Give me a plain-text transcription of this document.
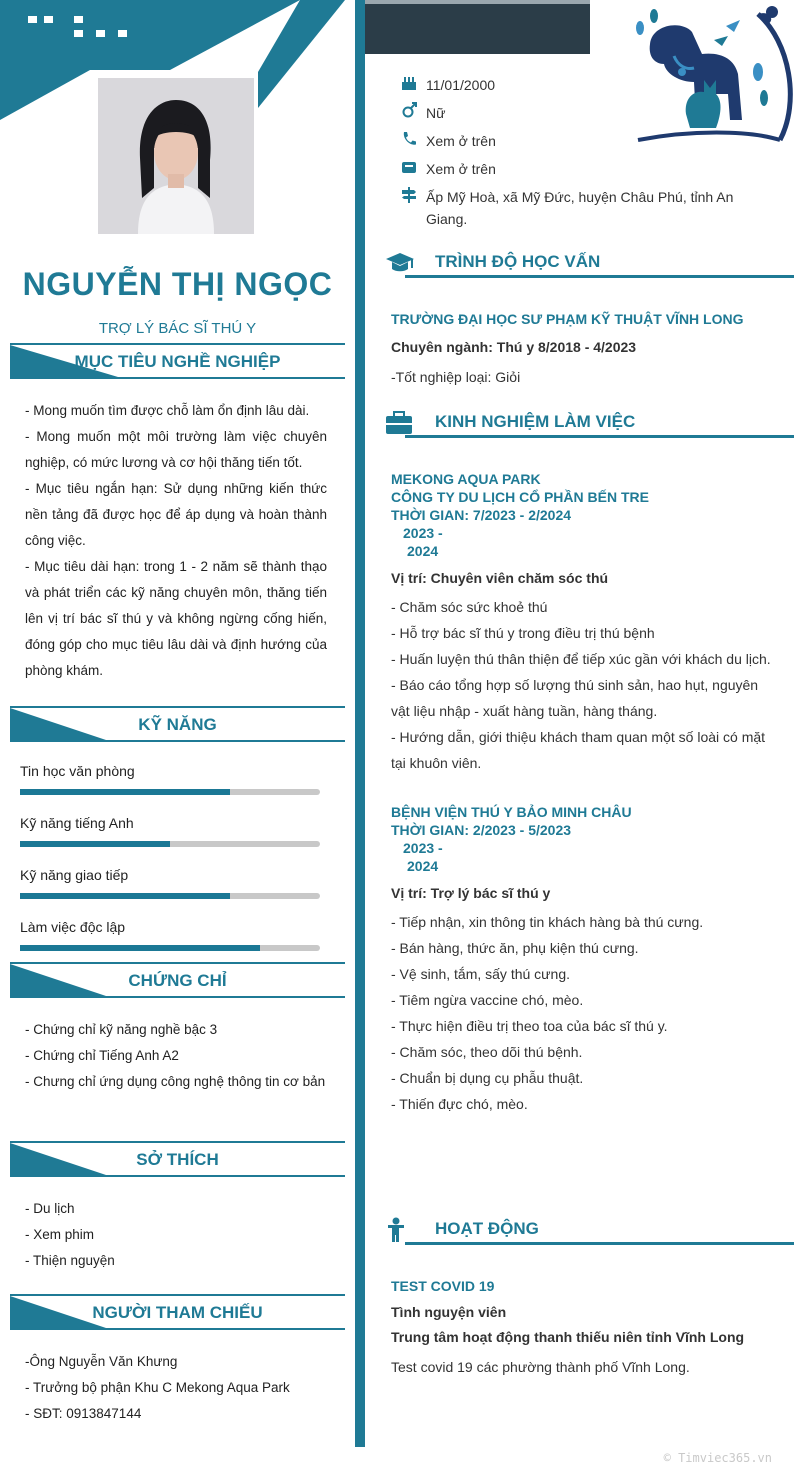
NGUYỄN THỊ NGỌC
TRỢ LÝ BÁC SĨ THÚ Y
MỤC TIÊU NGHỀ NGHIỆP

- Mong muốn tìm được chỗ làm ổn định lâu dài.

- Mong muốn một môi trường làm việc chuyên nghiệp, có mức lương và cơ hội thăng tiến tốt.

- Mục tiêu ngắn hạn: Sử dụng những kiến thức nền tảng đã được học để áp dụng và hoàn thành công việc.

- Mục tiêu dài hạn: trong 1 - 2 năm sẽ thành thạo và phát triển các kỹ năng chuyên môn, thăng tiến lên vị trí bác sĩ thú y và không ngừng cống hiến, đóng góp cho mục tiêu lâu dài và định hướng của phòng khám.

KỸ NĂNG
Tin học văn phòng
Kỹ năng tiếng Anh
Kỹ năng giao tiếp
Làm việc độc lập
CHỨNG CHỈ

- Chứng chỉ kỹ năng nghề bậc 3

- Chứng chỉ Tiếng Anh A2

- Chưng chỉ ứng dụng công nghệ thông tin cơ bản

SỞ THÍCH

- Du lịch

- Xem phim

- Thiện nguyện

NGƯỜI THAM CHIẾU

-Ông Nguyễn Văn Khưng

- Trưởng bộ phận Khu C Mekong Aqua Park

- SĐT: 0913847144

11/01/2000
Nữ
Xem ở trên
Xem ở trên
Ấp Mỹ Hoà, xã Mỹ Đức, huyện Châu Phú, tỉnh An
Giang.
TRÌNH ĐỘ HỌC VẤN
TRƯỜNG ĐẠI HỌC SƯ PHẠM KỸ THUẬT VĨNH LONG
Chuyên ngành: Thú y 8/2018 - 4/2023
-Tốt nghiệp loại: Giỏi
KINH NGHIỆM LÀM VIỆC
MEKONG AQUA PARK
CÔNG TY DU LỊCH CỔ PHẦN BẾN TRE
THỜI GIAN: 7/2023 - 2/2024
2023 -
2024
Vị trí: Chuyên viên chăm sóc thú

- Chăm sóc sức khoẻ thú

- Hỗ trợ bác sĩ thú y trong điều trị thú bệnh

- Huấn luyện thú thân thiện để tiếp xúc gần với khách du lịch.

- Báo cáo tổng hợp số lượng thú sinh sản, hao hụt, nguyên vật liệu nhập - xuất hàng tuần, hàng tháng.

- Hướng dẫn, giới thiệu khách tham quan một số loài có mặt tại khuôn viên.

BỆNH VIỆN THÚ Y BẢO MINH CHÂU
THỜI GIAN: 2/2023 - 5/2023
2023 -
2024
Vị trí: Trợ lý bác sĩ thú y

- Tiếp nhận, xin thông tin khách hàng bà thú cưng.

- Bán hàng, thức ăn, phụ kiện thú cưng.

- Vệ sinh, tắm, sấy thú cưng.

- Tiêm ngừa vaccine chó, mèo.

- Thực hiện điều trị theo toa của bác sĩ thú y.

- Chăm sóc, theo dõi thú bệnh.

- Chuẩn bị dụng cụ phẫu thuật.

- Thiến đực chó, mèo.

HOẠT ĐỘNG
TEST COVID 19
Tình nguyện viên
Trung tâm hoạt động thanh thiếu niên tỉnh Vĩnh Long
Test covid 19 các phường thành phố Vĩnh Long.
© Timviec365.vn
